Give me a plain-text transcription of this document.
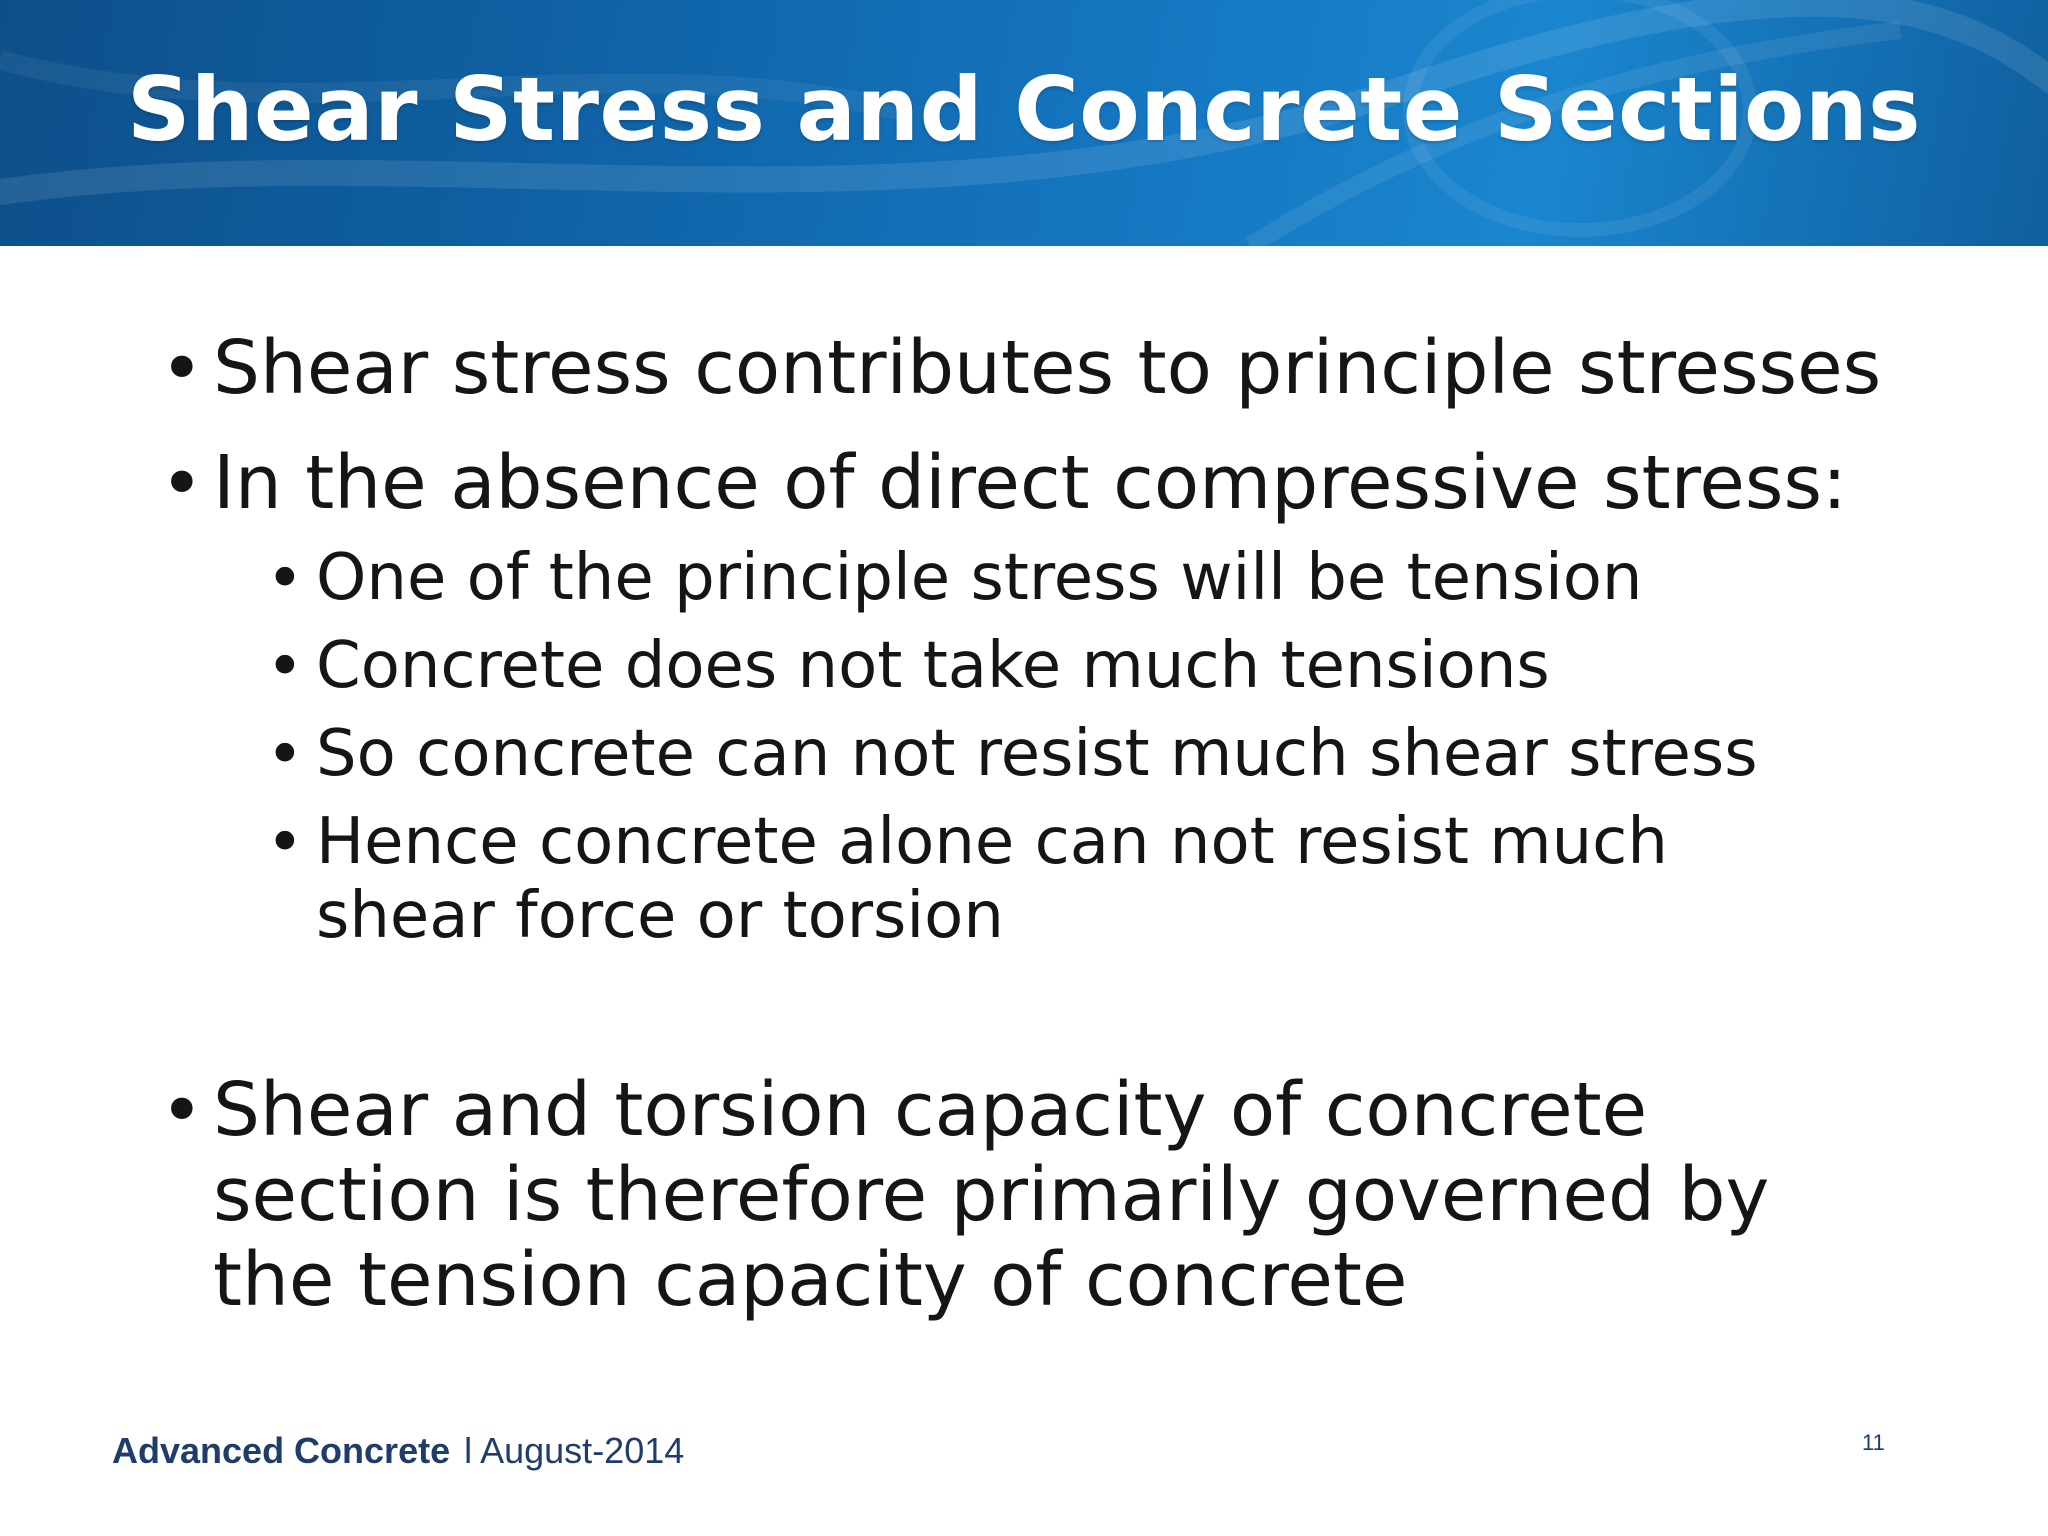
Shear Stress and Concrete Sections
• Shear stress contributes to principle stresses
• In the absence of direct compressive stress:
• One of the principle stress will be tension
• Concrete does not take much tensions
• So concrete can not resist much shear stress
• Hence concrete alone can not resist much
shear force or torsion
• Shear and torsion capacity of concrete
section is therefore primarily governed by
the tension capacity of concrete
Advanced Concrete l August-2014	11
